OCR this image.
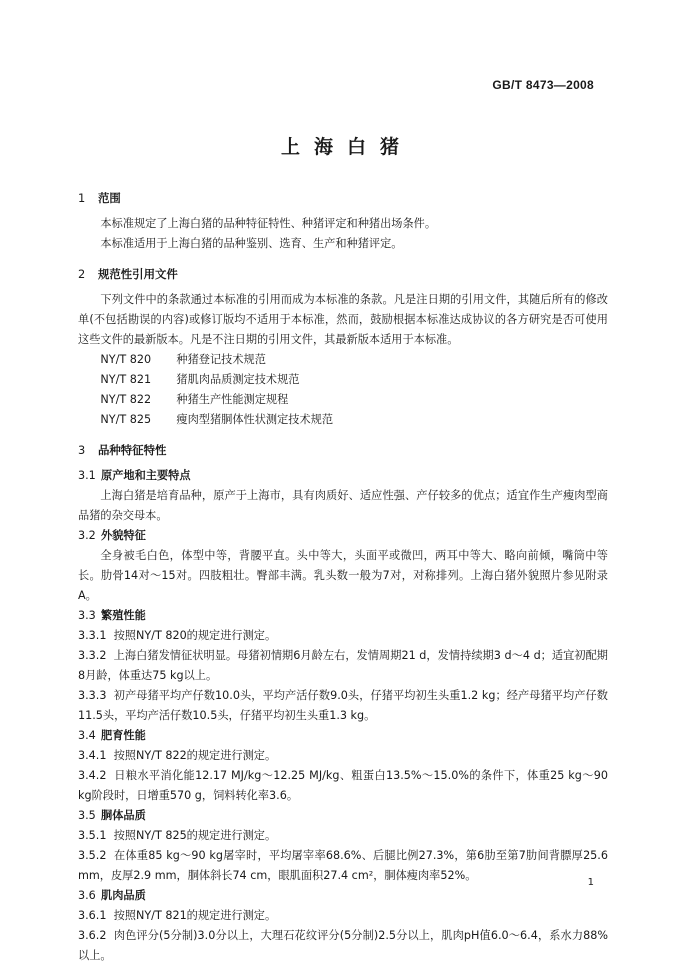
GB/T 8473—2008
上海白猪
1 范围

本标准规定了上海白猪的品种特征特性、种猪评定和种猪出场条件。

本标准适用于上海白猪的品种鉴别、选育、生产和种猪评定。

2 规范性引用文件

下列文件中的条款通过本标准的引用而成为本标准的条款。凡是注日期的引用文件，其随后所有的修改单(不包括勘误的内容)或修订版均不适用于本标准，然而，鼓励根据本标准达成协议的各方研究是否可使用这些文件的最新版本。凡是不注日期的引用文件，其最新版本适用于本标准。

NY/T 820 种猪登记技术规范
NY/T 821 猪肌肉品质测定技术规范
NY/T 822 种猪生产性能测定规程
NY/T 825 瘦肉型猪胴体性状测定技术规范
3 品种特征特性
3.1 原产地和主要特点

上海白猪是培育品种，原产于上海市，具有肉质好、适应性强、产仔较多的优点；适宜作生产瘦肉型商品猪的杂交母本。

3.2 外貌特征

全身被毛白色，体型中等，背腰平直。头中等大，头面平或微凹，两耳中等大、略向前倾，嘴筒中等长。肋骨14对～15对。四肢粗壮。臀部丰满。乳头数一般为7对，对称排列。上海白猪外貌照片参见附录A。

3.3 繁殖性能

3.3.1 按照NY/T 820的规定进行测定。

3.3.2 上海白猪发情征状明显。母猪初情期6月龄左右，发情周期21 d，发情持续期3 d～4 d；适宜初配期8月龄，体重达75 kg以上。

3.3.3 初产母猪平均产仔数10.0头，平均产活仔数9.0头，仔猪平均初生头重1.2 kg；经产母猪平均产仔数11.5头，平均产活仔数10.5头，仔猪平均初生头重1.3 kg。

3.4 肥育性能

3.4.1 按照NY/T 822的规定进行测定。

3.4.2 日粮水平消化能12.17 MJ/kg～12.25 MJ/kg、粗蛋白13.5%～15.0%的条件下，体重25 kg～90 kg阶段时，日增重570 g，饲料转化率3.6。

3.5 胴体品质

3.5.1 按照NY/T 825的规定进行测定。

3.5.2 在体重85 kg～90 kg屠宰时，平均屠宰率68.6%、后腿比例27.3%，第6肋至第7肋间背膘厚25.6 mm，皮厚2.9 mm，胴体斜长74 cm，眼肌面积27.4 cm²，胴体瘦肉率52%。

3.6 肌肉品质

3.6.1 按照NY/T 821的规定进行测定。

3.6.2 肉色评分(5分制)3.0分以上，大理石花纹评分(5分制)2.5分以上，肌肉pH值6.0～6.4，系水力88%以上。

1
